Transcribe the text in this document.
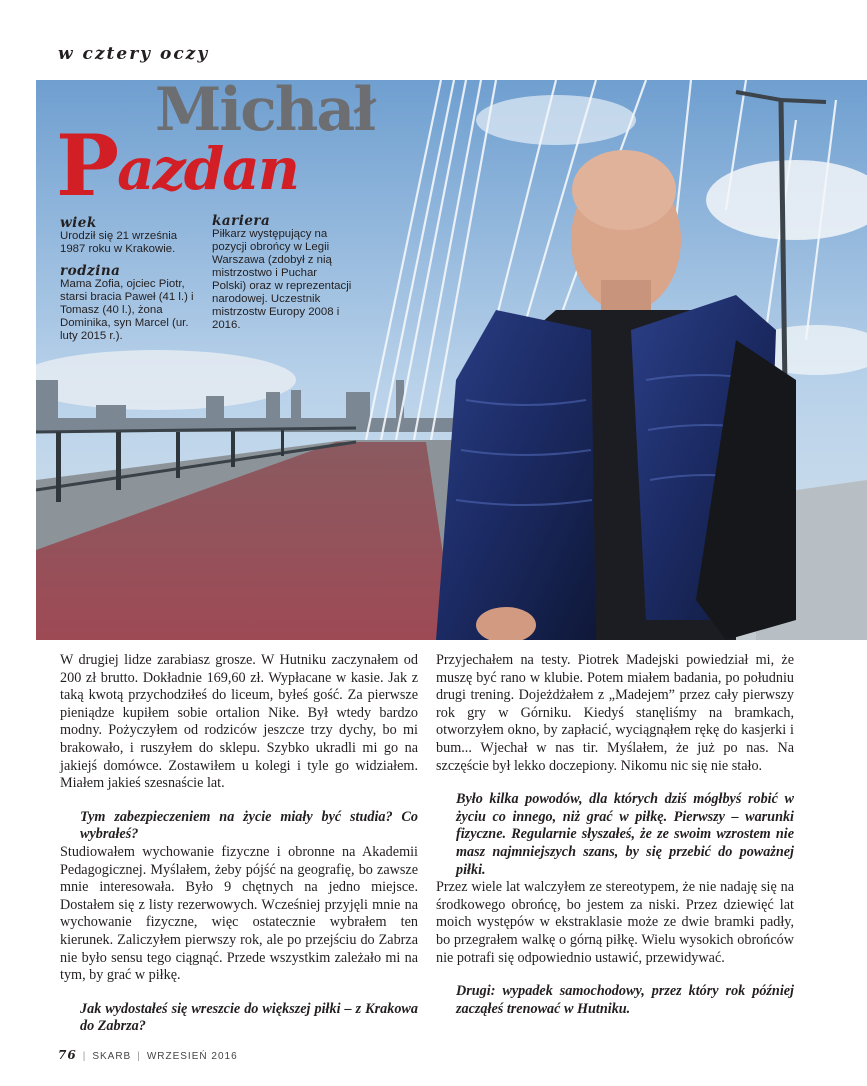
w cztery oczy
Michał
Pazdan
wiek
Urodził się 21 września 1987 roku w Krakowie.
rodzina
Mama Zofia, ojciec Piotr, starsi bracia Paweł (41 l.) i Tomasz (40 l.), żona Dominika, syn Marcel (ur. luty 2015 r.).
kariera
Piłkarz występujący na pozycji obrońcy w Legii Warszawa (zdobył z nią mistrzostwo i Puchar Polski) oraz w reprezentacji narodowej. Uczestnik mistrzostw Europy 2008 i 2016.

W drugiej lidze zarabiasz grosze. W Hutniku zaczynałem od 200 zł brutto. Dokładnie 169,60 zł. Wypłacane w kasie. Jak z taką kwotą przychodziłeś do liceum, byłeś gość. Za pierwsze pieniądze kupiłem sobie ortalion Nike. Był wtedy bardzo modny. Pożyczyłem od rodziców jeszcze trzy dychy, bo mi brakowało, i ruszyłem do sklepu. Szybko ukradli mi go na jakiejś domówce. Zostawiłem u kolegi i tyle go widziałem. Miałem jakieś szesnaście lat.

Tym zabezpieczeniem na życie miały być studia? Co wybrałeś?

Studiowałem wychowanie fizyczne i obronne na Akademii Pedagogicznej. Myślałem, żeby pójść na geografię, bo zawsze mnie interesowała. Było 9 chętnych na jedno miejsce. Dostałem się z listy rezerwowych. Wcześniej przyjęli mnie na wychowanie fizyczne, więc ostatecznie wybrałem ten kierunek. Zaliczyłem pierwszy rok, ale po przejściu do Zabrza nie było sensu tego ciągnąć. Przede wszystkim zależało mi na tym, by grać w piłkę.

Jak wydostałeś się wreszcie do większej piłki – z Krakowa do Zabrza?

Przyjechałem na testy. Piotrek Madejski powiedział mi, że muszę być rano w klubie. Potem miałem badania, po południu drugi trening. Dojeżdżałem z „Madejem” przez cały pierwszy rok gry w Górniku. Kiedyś stanęliśmy na bramkach, otworzyłem okno, by zapłacić, wyciągnąłem rękę do kasjerki i bum... Wjechał w nas tir. Myślałem, że już po nas. Na szczęście był lekko doczepiony. Nikomu nic się nie stało.

Było kilka powodów, dla których dziś mógłbyś robić w życiu co innego, niż grać w piłkę. Pierwszy – warunki fizyczne. Regularnie słyszałeś, że ze swoim wzrostem nie masz najmniejszych szans, by się przebić do poważnej piłki.

Przez wiele lat walczyłem ze stereotypem, że nie nadaję się na środkowego obrońcę, bo jestem za niski. Przez dziewięć lat moich występów w ekstraklasie może ze dwie bramki padły, bo przegrałem walkę o górną piłkę. Wielu wysokich obrońców nie potrafi się odpowiednio ustawić, przewidywać.

Drugi: wypadek samochodowy, przez który rok później zacząłeś trenować w Hutniku.

76 | SKARB | WRZESIEŃ 2016
